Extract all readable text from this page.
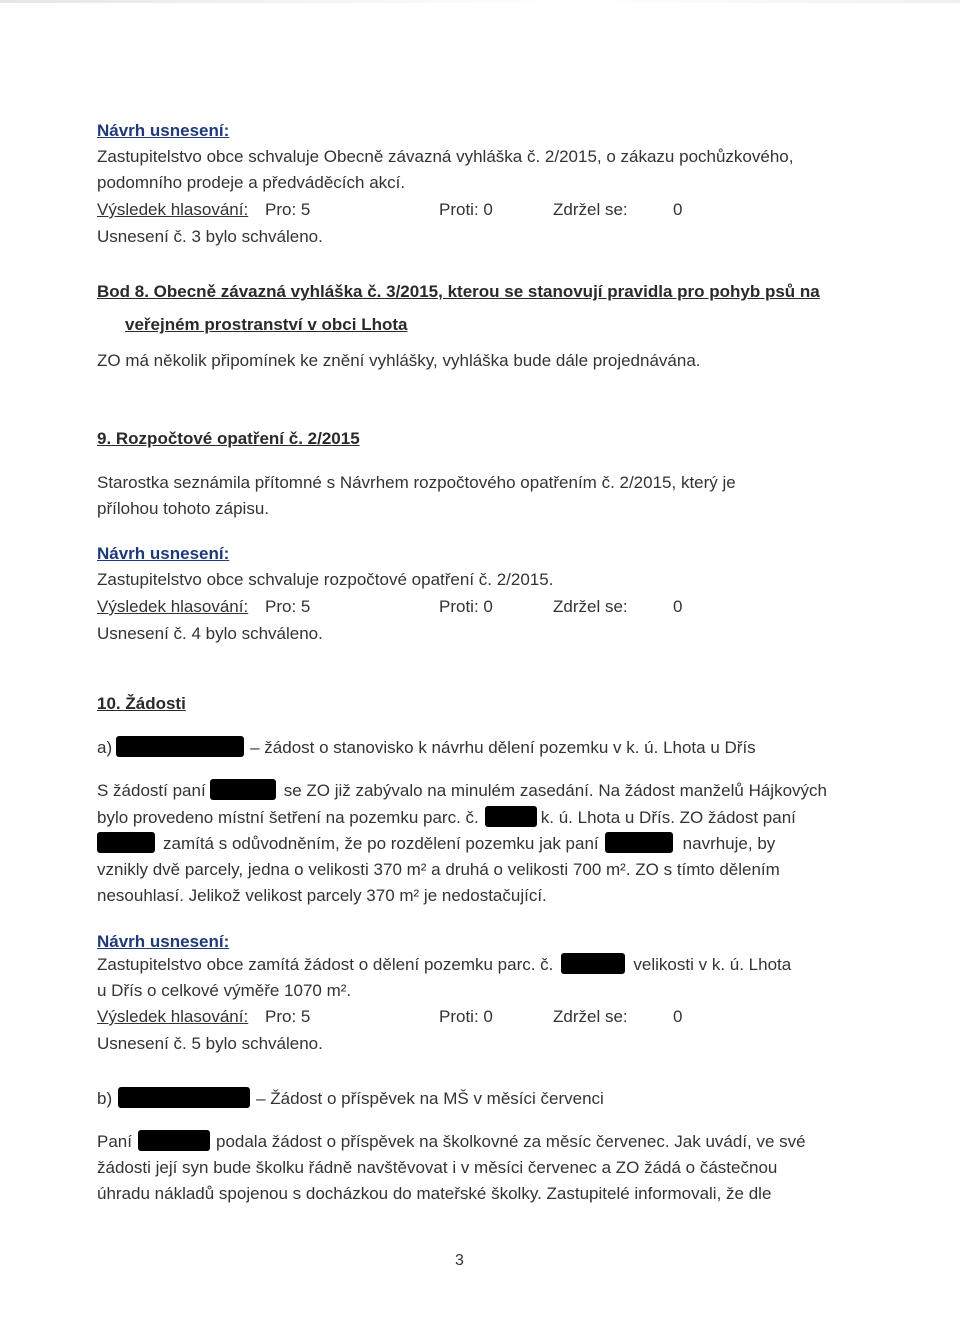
Návrh usnesení:
Zastupitelstvo obce schvaluje Obecně závazná vyhláška č. 2/2015, o zákazu pochůzkového,
podomního prodeje a předváděcích akcí.
Výsledek hlasování: Pro: 5	Proti: 0	Zdržel se:	0
Usnesení č. 3 bylo schváleno.
Bod 8. Obecně závazná vyhláška č. 3/2015, kterou se stanovují pravidla pro pohyb psů na
veřejném prostranství v obci Lhota
ZO má několik připomínek ke znění vyhlášky, vyhláška bude dále projednávána.
9. Rozpočtové opatření č. 2/2015
Starostka seznámila přítomné s Návrhem rozpočtového opatřením č. 2/2015, který je
přílohou tohoto zápisu.
Návrh usnesení:
Zastupitelstvo obce schvaluje rozpočtové opatření č. 2/2015.
Výsledek hlasování: Pro: 5	Proti: 0	Zdržel se:	0
Usnesení č. 4 bylo schváleno.
10. Žádosti
a)	– žádost o stanovisko k návrhu dělení pozemku v k. ú. Lhota u Dřís
S žádostí paní	se ZO již zabývalo na minulém zasedání. Na žádost manželů Hájkových
bylo provedeno místní šetření na pozemku parc. č.	k. ú. Lhota u Dřís. ZO žádost paní
zamítá s odůvodněním, že po rozdělení pozemku jak paní	navrhuje, by
vznikly dvě parcely, jedna o velikosti 370 m² a druhá o velikosti 700 m². ZO s tímto dělením
nesouhlasí. Jelikož velikost parcely 370 m² je nedostačující.
Návrh usnesení:
Zastupitelstvo obce zamítá žádost o dělení pozemku parc. č.	velikosti v k. ú. Lhota
u Dřís o celkové výměře 1070 m².
Výsledek hlasování: Pro: 5	Proti: 0	Zdržel se:	0
Usnesení č. 5 bylo schváleno.
b)	– Žádost o příspěvek na MŠ v měsíci červenci
Paní	podala žádost o příspěvek na školkovné za měsíc červenec. Jak uvádí, ve své
žádosti její syn bude školku řádně navštěvovat i v měsíci červenec a ZO žádá o částečnou
úhradu nákladů spojenou s docházkou do mateřské školky. Zastupitelé informovali, že dle
3
